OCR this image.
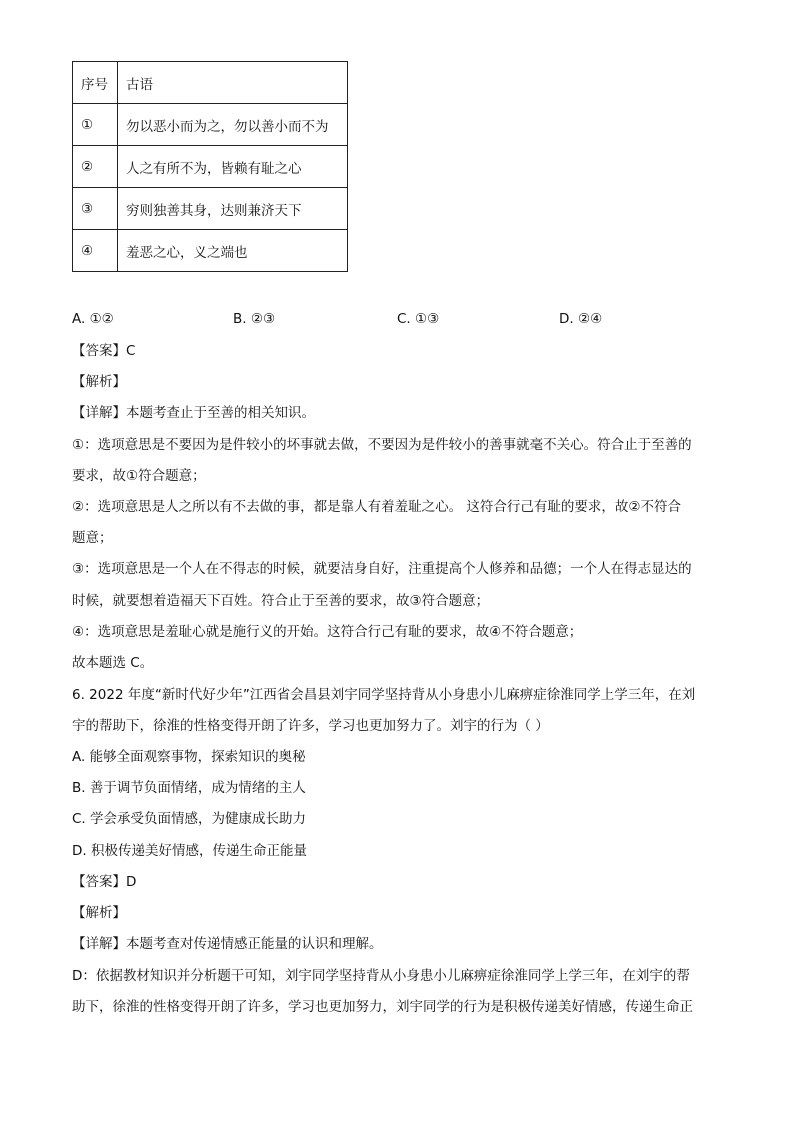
序号	古语
①	勿以恶小而为之，勿以善小而不为
②	人之有所不为，皆赖有耻之心
③	穷则独善其身，达则兼济天下
④	羞恶之心，义之端也
A. ①②	B. ②③	C. ①③	D. ②④
【答案】C
【解析】
【详解】本题考查止于至善的相关知识。
①：选项意思是不要因为是件较小的坏事就去做，不要因为是件较小的善事就毫不关心。符合止于至善的
要求，故①符合题意；
②：选项意思是人之所以有不去做的事，都是靠人有着羞耻之心。 这符合行己有耻的要求，故②不符合
题意；
③：选项意思是一个人在不得志的时候，就要洁身自好，注重提高个人修养和品德；一个人在得志显达的
时候，就要想着造福天下百姓。符合止于至善的要求，故③符合题意；
④：选项意思是羞耻心就是施行义的开始。这符合行己有耻的要求，故④不符合题意；
故本题选 C。
6. 2022 年度“新时代好少年”江西省会昌县刘宇同学坚持背从小身患小儿麻痹症徐淮同学上学三年，在刘
宇的帮助下，徐淮的性格变得开朗了许多，学习也更加努力了。刘宇的行为（ ）
A. 能够全面观察事物，探索知识的奥秘
B. 善于调节负面情绪，成为情绪的主人
C. 学会承受负面情感，为健康成长助力
D. 积极传递美好情感，传递生命正能量
【答案】D
【解析】
【详解】本题考查对传递情感正能量的认识和理解。
D：依据教材知识并分析题干可知，刘宇同学坚持背从小身患小儿麻痹症徐淮同学上学三年，在刘宇的帮
助下，徐淮的性格变得开朗了许多，学习也更加努力，刘宇同学的行为是积极传递美好情感，传递生命正
